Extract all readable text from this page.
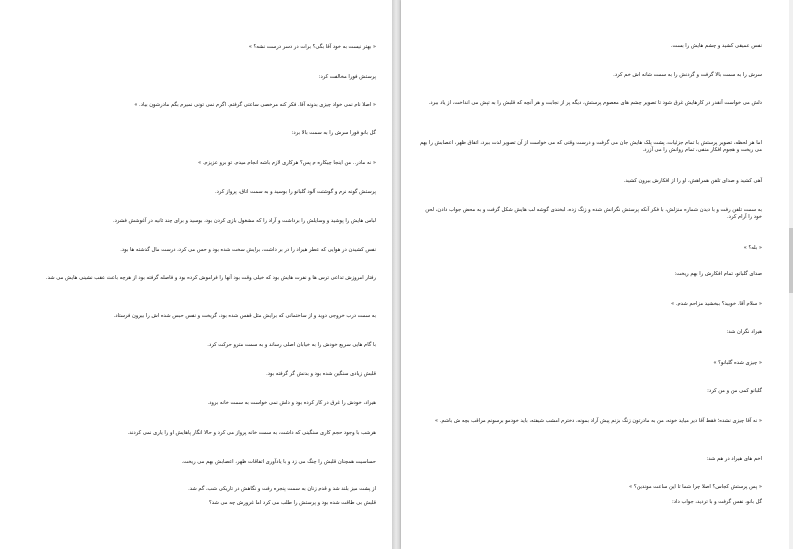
« بهتر نیست به خود آقا بگی؟ برات در دسر درست نشه؟ »
پرستش فورا مخالفت کرد:
« اصلا نام نمی خواد چیزی بدونه آقا. فکر کنه مرخصی ساعتی گرفتم. اگرم نمی تونی نمیرم بگم مادرشون بیاد. »
گل بانو فورا سرش را به سمت بالا برد:
« نه مادر.. من اینجا چیکاره م پس؟ هرکاری لازم باشه انجام میدم. تو برو عزیزم. »
پرستش گونه نرم و گوشتت آلود گلبانو را بوسید و به سمت اتاق، پرواز کرد.
لباس هایش را پوشید و وسایلش را برداشت و آراد را که مشغول بازی کردن بود، بوسید و برای چند ثانیه در آغوشش فشرد.
نفس کشیدن در هوایی که عطر هیراد را در بر داشت، برایش سخت شده بود و حس می کرد، درست مال گذشته ها بود.
رفتار امروزش تداعی ترس ها و نفرت هایش بود که خیلی وقت بود آنها را فراموش کرده بود و فاصله گرفته بود از هرچه باعث عقب نشینی هایش می شد.
به سمت درب خروجی دوید و از ساختمانی که برایش مثل قفس شده بود، گریخت و نفس حبس شده اش را بیرون فرستاد.
با گام هایی سریع خودش را به خیابان اصلی رساند و به سمت مترو حرکت کرد.
قلبش زیادی سنگین شده بود و بدنش گر گرفته بود.
هیراد، خودش را غرق در کار کرده بود و دلش نمی خواست به سمت خانه برود.
هرشب با وجود حجم کاری سنگینی که داشت، به سمت خانه پرواز می کرد و حالا انگار پاهایش او را یاری نمی کردند.
حساسیت همچنان قلبش را چنگ می زد و با یادآوری اتفاقات ظهر، اعصابش بهم می ریخت.
از پشت میز بلند شد و قدم زنان به سمت پنجره رفت و نگاهش در تاریکی شب، گم شد.
قلبش بی طاقت شده بود و پرستش را طلب می کرد اما غرورش چه می شد؟
نفس عمیقی کشید و چشم هایش را بست.
سرش را به سمت بالا گرفت و گردنش را به سمت شانه اش خم کرد.
دلش می خواست آنقدر در کارهایش غرق شود تا تصویر چشم های معصوم پرستش، دیگه پر از نجابت و هر آنچه که قلبش را به تپش می انداخت، از یاد ببرد.
اما هر لحظه، تصویر پرستش با تمام جزئیات، پشت پلک هایش جان می گرفت و درست وقتی که می خواست از آن تصویر لذت ببرد، اتفاق ظهر، اعصابش را بهم می ریخت و هجوم افکار منفی، تمام روانش را می آزرد.
آهی کشید و صدای تلفن همراهش، او را از افکارش بیرون کشید.
به سمت تلفن رفت و با دیدن شماره منزلش، با فکر آنکه پرستش نگرانش شده و زنگ زده، لبخندی گوشه لب هایش شکل گرفت و به محض جواب دادن، لحن خود را آرام کرد.
« بله؟ »
صدای گلبانو، تمام افکارش را بهم ریخت:
« سلام آقا. خوبید؟ ببخشید مزاحم شدم. »
هیراد نگران شد:
« چیزی شده گلبانو؟ »
گلبانو کمی من و من کرد:
« نه آقا چیزی نشده؛ فقط آقا دیر میاید خونه، من به مادرتون زنگ بزنم پیش آراد بمونه، دخترم امشب شیفته، باید خودمو برسونم مراقب بچه ش باشم. »
اخم های هیراد در هم شد:
« پس پرستش کجاس؟ اصلا چرا شما تا این ساعت موندین؟ »
گل بانو، نفس گرفت و با تردید، جواب داد:
